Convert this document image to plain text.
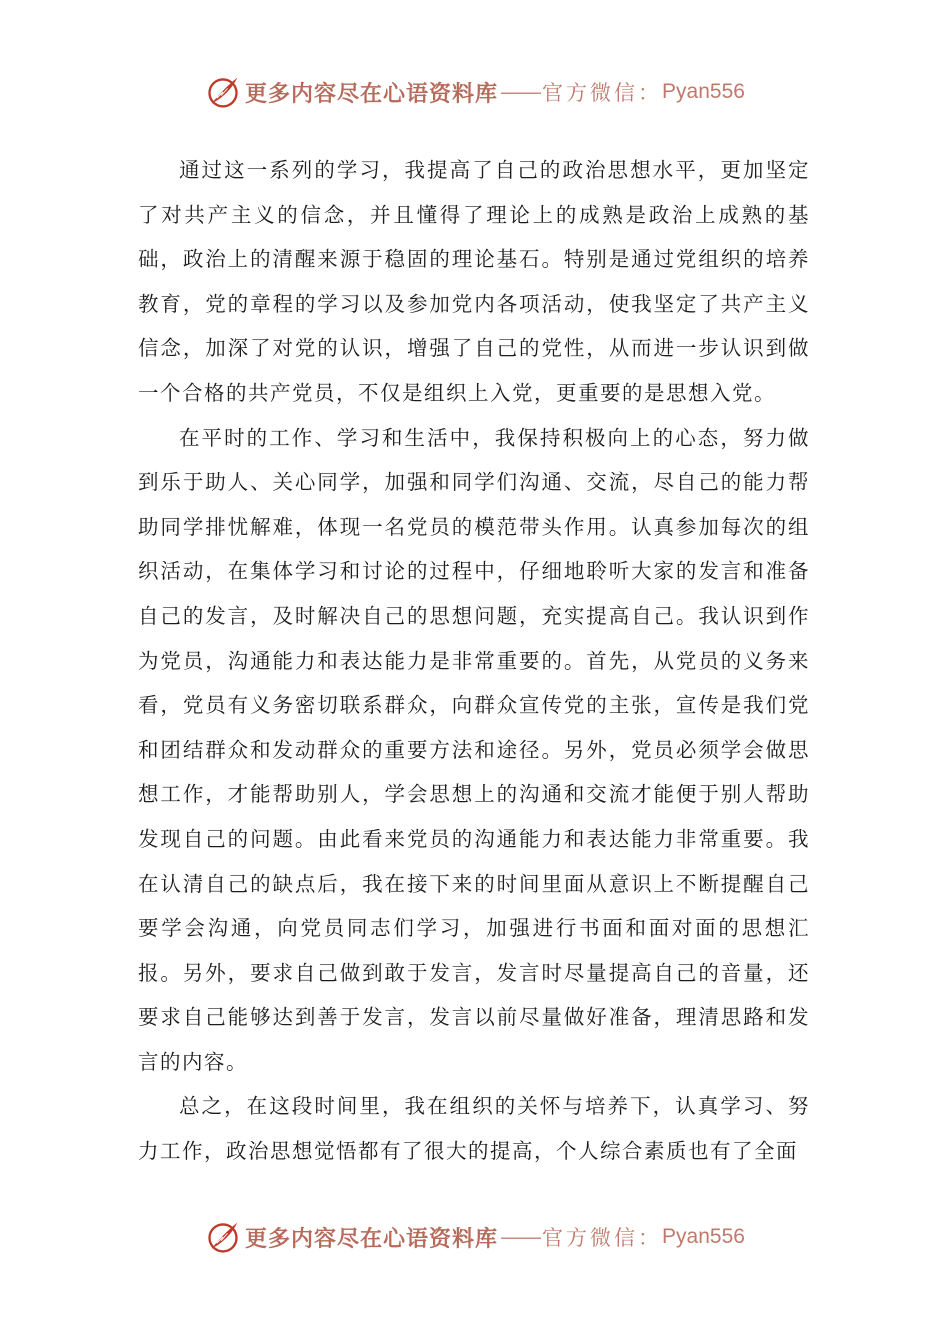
更多内容尽在心语资料库 —— 官方微信： Pyan556

通过这一系列的学习，我提高了自己的政治思想水平，更加坚定了对共产主义的信念，并且懂得了理论上的成熟是政治上成熟的基础，政治上的清醒来源于稳固的理论基石。特别是通过党组织的培养教育，党的章程的学习以及参加党内各项活动，使我坚定了共产主义信念，加深了对党的认识，增强了自己的党性，从而进一步认识到做一个合格的共产党员，不仅是组织上入党，更重要的是思想入党。

在平时的工作、学习和生活中，我保持积极向上的心态，努力做到乐于助人、关心同学，加强和同学们沟通、交流，尽自己的能力帮助同学排忧解难，体现一名党员的模范带头作用。认真参加每次的组织活动，在集体学习和讨论的过程中，仔细地聆听大家的发言和准备自己的发言，及时解决自己的思想问题，充实提高自己。我认识到作为党员，沟通能力和表达能力是非常重要的。首先，从党员的义务来看，党员有义务密切联系群众，向群众宣传党的主张，宣传是我们党和团结群众和发动群众的重要方法和途径。另外，党员必须学会做思想工作，才能帮助别人，学会思想上的沟通和交流才能便于别人帮助发现自己的问题。由此看来党员的沟通能力和表达能力非常重要。我在认清自己的缺点后，我在接下来的时间里面从意识上不断提醒自己要学会沟通，向党员同志们学习，加强进行书面和面对面的思想汇报。另外，要求自己做到敢于发言，发言时尽量提高自己的音量，还要求自己能够达到善于发言，发言以前尽量做好准备，理清思路和发言的内容。

总之，在这段时间里，我在组织的关怀与培养下，认真学习、努力工作，政治思想觉悟都有了很大的提高，个人综合素质也有了全面

更多内容尽在心语资料库 —— 官方微信： Pyan556
